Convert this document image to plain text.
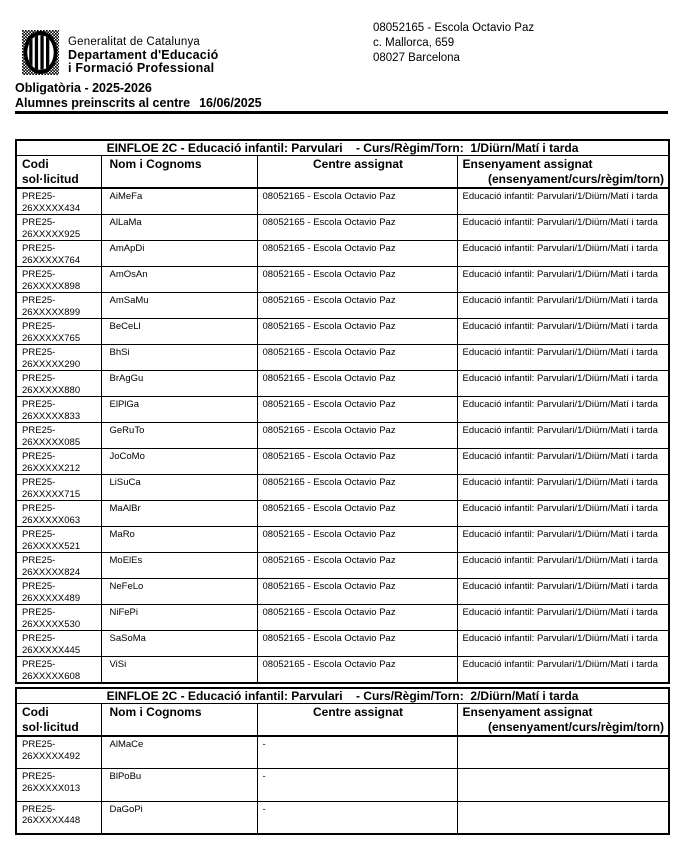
Generalitat de Catalunya
Departament d'Educació
i Formació Professional
08052165 - Escola Octavio Paz
c. Mallorca, 659
08027 Barcelona
Obligatòria - 2025-2026
Alumnes preinscrits al centre 16/06/2025
EINFLOE 2C - Educació infantil: Parvulari    - Curs/Règim/Torn:  1/Diürn/Matí i tarda			

Codi
sol·licitud
	Nom i Cognoms	Centre assignat	Ensenyament assignat
(ensenyament/curs/règim/torn)

PRE25-
26XXXXX434	AiMeFa	08052165 - Escola Octavio Paz	Educació infantil: Parvulari/1/Diürn/Matí i tarda

PRE25-
26XXXXX925	AlLaMa	08052165 - Escola Octavio Paz	Educació infantil: Parvulari/1/Diürn/Matí i tarda

PRE25-
26XXXXX764	AmApDi	08052165 - Escola Octavio Paz	Educació infantil: Parvulari/1/Diürn/Matí i tarda

PRE25-
26XXXXX898	AmOsAn	08052165 - Escola Octavio Paz	Educació infantil: Parvulari/1/Diürn/Matí i tarda

PRE25-
26XXXXX899	AmSaMu	08052165 - Escola Octavio Paz	Educació infantil: Parvulari/1/Diürn/Matí i tarda

PRE25-
26XXXXX765	BeCeLl	08052165 - Escola Octavio Paz	Educació infantil: Parvulari/1/Diürn/Matí i tarda

PRE25-
26XXXXX290	BhSi	08052165 - Escola Octavio Paz	Educació infantil: Parvulari/1/Diürn/Matí i tarda

PRE25-
26XXXXX880	BrAgGu	08052165 - Escola Octavio Paz	Educació infantil: Parvulari/1/Diürn/Matí i tarda

PRE25-
26XXXXX833	ElPlGa	08052165 - Escola Octavio Paz	Educació infantil: Parvulari/1/Diürn/Matí i tarda

PRE25-
26XXXXX085	GeRuTo	08052165 - Escola Octavio Paz	Educació infantil: Parvulari/1/Diürn/Matí i tarda

PRE25-
26XXXXX212	JoCoMo	08052165 - Escola Octavio Paz	Educació infantil: Parvulari/1/Diürn/Matí i tarda

PRE25-
26XXXXX715	LiSuCa	08052165 - Escola Octavio Paz	Educació infantil: Parvulari/1/Diürn/Matí i tarda

PRE25-
26XXXXX063	MaAlBr	08052165 - Escola Octavio Paz	Educació infantil: Parvulari/1/Diürn/Matí i tarda

PRE25-
26XXXXX521	MaRo	08052165 - Escola Octavio Paz	Educació infantil: Parvulari/1/Diürn/Matí i tarda

PRE25-
26XXXXX824	MoElEs	08052165 - Escola Octavio Paz	Educació infantil: Parvulari/1/Diürn/Matí i tarda

PRE25-
26XXXXX489	NeFeLo	08052165 - Escola Octavio Paz	Educació infantil: Parvulari/1/Diürn/Matí i tarda

PRE25-
26XXXXX530	NiFePi	08052165 - Escola Octavio Paz	Educació infantil: Parvulari/1/Diürn/Matí i tarda

PRE25-
26XXXXX445	SaSoMa	08052165 - Escola Octavio Paz	Educació infantil: Parvulari/1/Diürn/Matí i tarda

PRE25-
26XXXXX608	ViSi	08052165 - Escola Octavio Paz	Educació infantil: Parvulari/1/Diürn/Matí i tarda
EINFLOE 2C - Educació infantil: Parvulari    - Curs/Règim/Torn:  2/Diürn/Matí i tarda			

Codi
sol·licitud
	Nom i Cognoms	Centre assignat	Ensenyament assignat
(ensenyament/curs/règim/torn)

PRE25-
26XXXXX492	AlMaCe	-	

PRE25-
26XXXXX013	BlPoBu	-	

PRE25-
26XXXXX448	DaGoPi	-	
